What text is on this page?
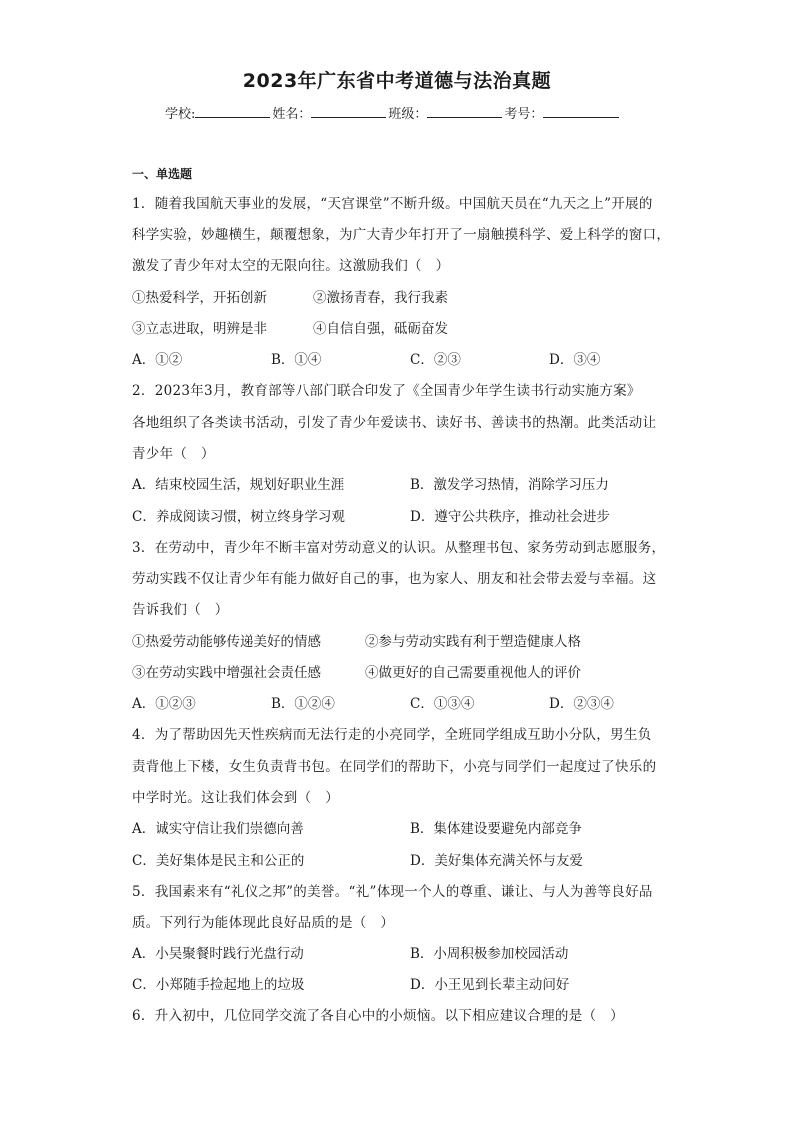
2023年广东省中考道德与法治真题
学校:	姓名：	班级：	考号：
一、单选题
1．随着我国航天事业的发展，“天宫课堂”不断升级。中国航天员在“九天之上”开展的
科学实验，妙趣横生，颠覆想象，为广大青少年打开了一扇触摸科学、爱上科学的窗口，
激发了青少年对太空的无限向往。这激励我们（　）
①热爱科学，开拓创新	②激扬青春，我行我素
③立志进取，明辨是非	④自信自强，砥砺奋发
A．①②	B．①④	C．②③	D．③④
2．2023年3月，教育部等八部门联合印发了《全国青少年学生读书行动实施方案》
各地组织了各类读书活动，引发了青少年爱读书、读好书、善读书的热潮。此类活动让
青少年（　）
A．结束校园生活，规划好职业生涯	B．激发学习热情，消除学习压力
C．养成阅读习惯，树立终身学习观	D．遵守公共秩序，推动社会进步
3．在劳动中，青少年不断丰富对劳动意义的认识。从整理书包、家务劳动到志愿服务，
劳动实践不仅让青少年有能力做好自己的事，也为家人、朋友和社会带去爱与幸福。这
告诉我们（　）
①热爱劳动能够传递美好的情感	②参与劳动实践有利于塑造健康人格
③在劳动实践中增强社会责任感	④做更好的自己需要重视他人的评价
A．①②③	B．①②④	C．①③④	D．②③④
4．为了帮助因先天性疾病而无法行走的小亮同学，全班同学组成互助小分队，男生负
责背他上下楼，女生负责背书包。在同学们的帮助下，小亮与同学们一起度过了快乐的
中学时光。这让我们体会到（　）
A．诚实守信让我们崇德向善	B．集体建设要避免内部竞争
C．美好集体是民主和公正的	D．美好集体充满关怀与友爱
5．我国素来有“礼仪之邦”的美誉。“礼”体现一个人的尊重、谦让、与人为善等良好品
质。下列行为能体现此良好品质的是（　）
A．小吴聚餐时践行光盘行动	B．小周积极参加校园活动
C．小郑随手捡起地上的垃圾	D．小王见到长辈主动问好
6．升入初中，几位同学交流了各自心中的小烦恼。以下相应建议合理的是（　）
